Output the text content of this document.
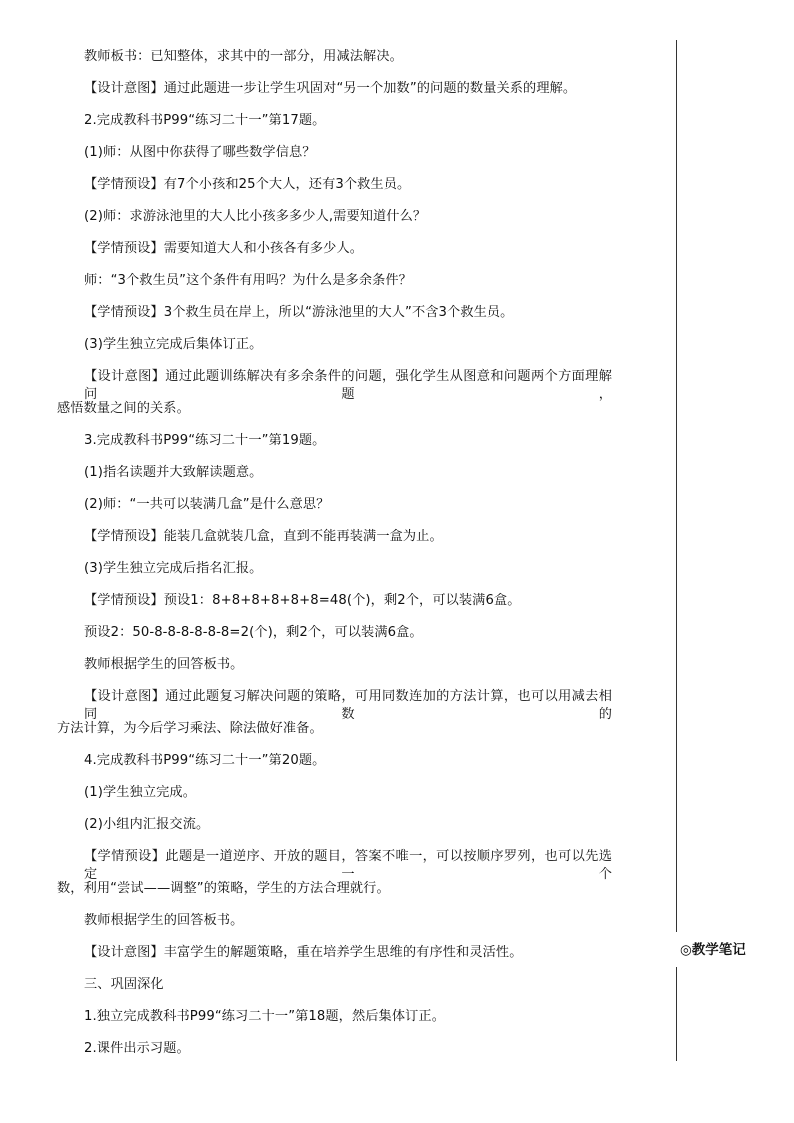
教师板书：已知整体，求其中的一部分，用减法解决。
【设计意图】通过此题进一步让学生巩固对“另一个加数”的问题的数量关系的理解。
2.完成教科书P99“练习二十一”第17题。
(1)师：从图中你获得了哪些数学信息？
【学情预设】有7个小孩和25个大人，还有3个救生员。
(2)师：求游泳池里的大人比小孩多多少人,需要知道什么？
【学情预设】需要知道大人和小孩各有多少人。
师：“3个救生员”这个条件有用吗？为什么是多余条件？
【学情预设】3个救生员在岸上，所以“游泳池里的大人”不含3个救生员。
(3)学生独立完成后集体订正。
【设计意图】通过此题训练解决有多余条件的问题，强化学生从图意和问题两个方面理解问题，
感悟数量之间的关系。
3.完成教科书P99“练习二十一”第19题。
(1)指名读题并大致解读题意。
(2)师：“一共可以装满几盒”是什么意思？
【学情预设】能装几盒就装几盒，直到不能再装满一盒为止。
(3)学生独立完成后指名汇报。
【学情预设】预设1：8+8+8+8+8+8=48(个)，剩2个，可以装满6盒。
预设2：50-8-8-8-8-8-8=2(个)，剩2个，可以装满6盒。
教师根据学生的回答板书。
【设计意图】通过此题复习解决问题的策略，可用同数连加的方法计算，也可以用减去相同数的
方法计算，为今后学习乘法、除法做好准备。
4.完成教科书P99“练习二十一”第20题。
(1)学生独立完成。
(2)小组内汇报交流。
【学情预设】此题是一道逆序、开放的题目，答案不唯一，可以按顺序罗列，也可以先选定一个
数，利用“尝试——调整”的策略，学生的方法合理就行。
教师根据学生的回答板书。
【设计意图】丰富学生的解题策略，重在培养学生思维的有序性和灵活性。
三、巩固深化
1.独立完成教科书P99“练习二十一”第18题，然后集体订正。
2.课件出示习题。
◎教学笔记
